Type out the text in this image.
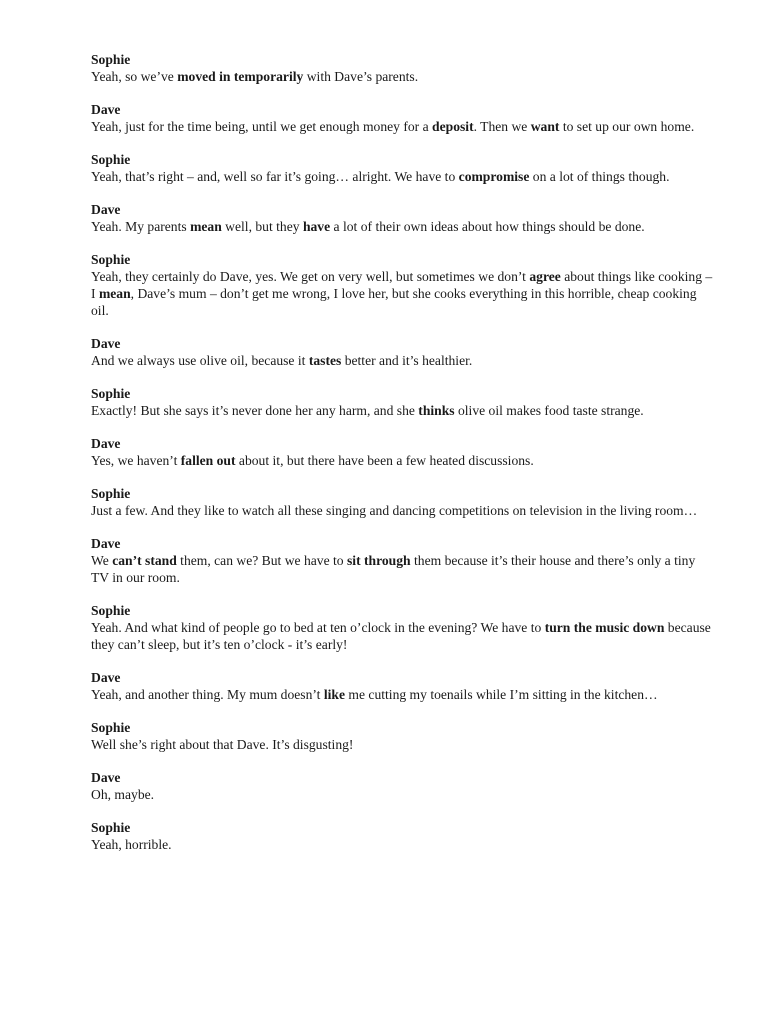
Sophie
Yeah, so we’ve moved in temporarily with Dave’s parents.
Dave
Yeah, just for the time being, until we get enough money for a deposit. Then we want to set up our own home.
Sophie
Yeah, that’s right – and, well so far it’s going… alright. We have to compromise on a lot of things though.
Dave
Yeah. My parents mean well, but they have a lot of their own ideas about how things should be done.
Sophie
Yeah, they certainly do Dave, yes. We get on very well, but sometimes we don’t agree about things like cooking – I mean, Dave’s mum – don’t get me wrong, I love her, but she cooks everything in this horrible, cheap cooking oil.
Dave
And we always use olive oil, because it tastes better and it’s healthier.
Sophie
Exactly! But she says it’s never done her any harm, and she thinks olive oil makes food taste strange.
Dave
Yes, we haven’t fallen out about it, but there have been a few heated discussions.
Sophie
Just a few. And they like to watch all these singing and dancing competitions on television in the living room…
Dave
We can’t stand them, can we? But we have to sit through them because it’s their house and there’s only a tiny TV in our room.
Sophie
Yeah. And what kind of people go to bed at ten o’clock in the evening? We have to turn the music down because they can’t sleep, but it’s ten o’clock - it’s early!
Dave
Yeah, and another thing. My mum doesn’t like me cutting my toenails while I’m sitting in the kitchen…
Sophie
Well she’s right about that Dave. It’s disgusting!
Dave
Oh, maybe.
Sophie
Yeah, horrible.
